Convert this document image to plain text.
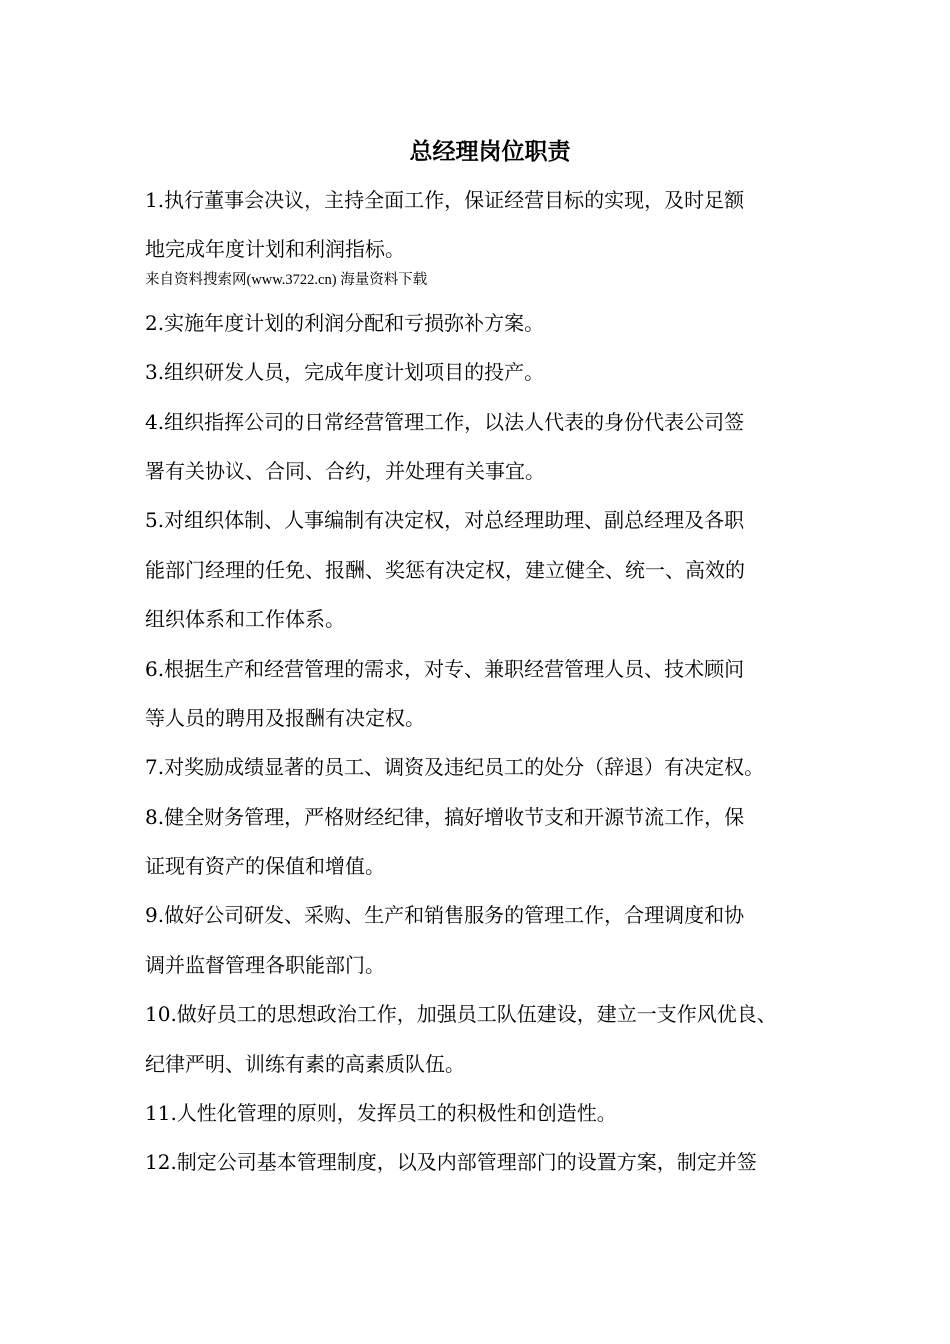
总经理岗位职责
1.执行董事会决议，主持全面工作，保证经营目标的实现，及时足额
地完成年度计划和利润指标。
来自资料搜索网(www.3722.cn) 海量资料下载
2.实施年度计划的利润分配和亏损弥补方案。
3.组织研发人员，完成年度计划项目的投产。
4.组织指挥公司的日常经营管理工作，以法人代表的身份代表公司签
署有关协议、合同、合约，并处理有关事宜。
5.对组织体制、人事编制有决定权，对总经理助理、副总经理及各职
能部门经理的任免、报酬、奖惩有决定权，建立健全、统一、高效的
组织体系和工作体系。
6.根据生产和经营管理的需求，对专、兼职经营管理人员、技术顾问
等人员的聘用及报酬有决定权。
7.对奖励成绩显著的员工、调资及违纪员工的处分（辞退）有决定权。
8.健全财务管理，严格财经纪律，搞好增收节支和开源节流工作，保
证现有资产的保值和增值。
9.做好公司研发、采购、生产和销售服务的管理工作，合理调度和协
调并监督管理各职能部门。
10.做好员工的思想政治工作，加强员工队伍建设，建立一支作风优良、
纪律严明、训练有素的高素质队伍。
11.人性化管理的原则，发挥员工的积极性和创造性。
12.制定公司基本管理制度，以及内部管理部门的设置方案，制定并签
